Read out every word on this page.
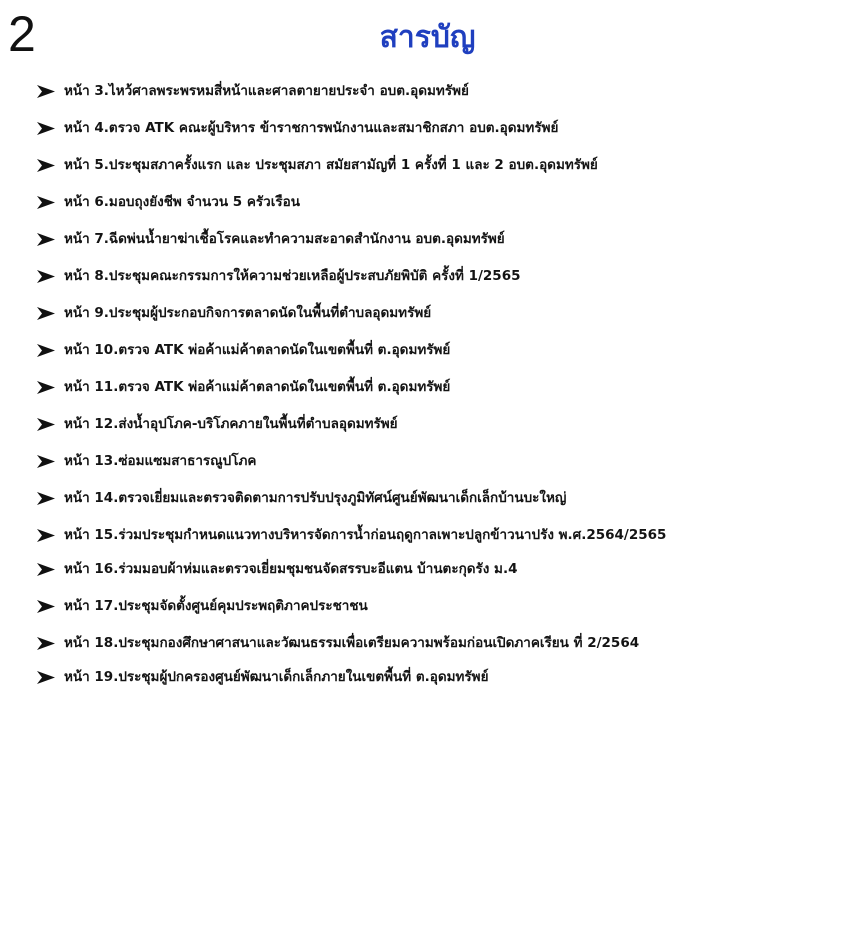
2	สารบัญ
หน้า 3.ไหว้ศาลพระพรหมสี่หน้าและศาลตายายประจำ อบต.อุดมทรัพย์
หน้า 4.ตรวจ ATK คณะผู้บริหาร ข้าราชการพนักงานและสมาชิกสภา อบต.อุดมทรัพย์
หน้า 5.ประชุมสภาครั้งแรก และ ประชุมสภา สมัยสามัญที่ 1 ครั้งที่ 1 และ 2 อบต.อุดมทรัพย์
หน้า 6.มอบถุงยังชีพ จำนวน 5 ครัวเรือน
หน้า 7.ฉีดพ่นน้ำยาฆ่าเชื้อโรคและทำความสะอาดสำนักงาน อบต.อุดมทรัพย์
หน้า 8.ประชุมคณะกรรมการให้ความช่วยเหลือผู้ประสบภัยพิบัติ ครั้งที่ 1/2565
หน้า 9.ประชุมผู้ประกอบกิจการตลาดนัดในพื้นที่ตำบลอุดมทรัพย์
หน้า 10.ตรวจ ATK พ่อค้าแม่ค้าตลาดนัดในเขตพื้นที่ ต.อุดมทรัพย์
หน้า 11.ตรวจ ATK พ่อค้าแม่ค้าตลาดนัดในเขตพื้นที่ ต.อุดมทรัพย์
หน้า 12.ส่งน้ำอุปโภค-บริโภคภายในพื้นที่ตำบลอุดมทรัพย์
หน้า 13.ซ่อมแซมสาธารณูปโภค
หน้า 14.ตรวจเยี่ยมและตรวจติดตามการปรับปรุงภูมิทัศน์ศูนย์พัฒนาเด็กเล็กบ้านบะใหญ่
หน้า 15.ร่วมประชุมกำหนดแนวทางบริหารจัดการน้ำก่อนฤดูกาลเพาะปลูกข้าวนาปรัง พ.ศ.2564/2565
หน้า 16.ร่วมมอบผ้าห่มและตรวจเยี่ยมชุมชนจัดสรรบะอีแตน บ้านตะกุดรัง ม.4
หน้า 17.ประชุมจัดตั้งศูนย์คุมประพฤติภาคประชาชน
หน้า 18.ประชุมกองศึกษาศาสนาและวัฒนธรรมเพื่อเตรียมความพร้อมก่อนเปิดภาคเรียน ที่ 2/2564
หน้า 19.ประชุมผู้ปกครองศูนย์พัฒนาเด็กเล็กภายในเขตพื้นที่ ต.อุดมทรัพย์
